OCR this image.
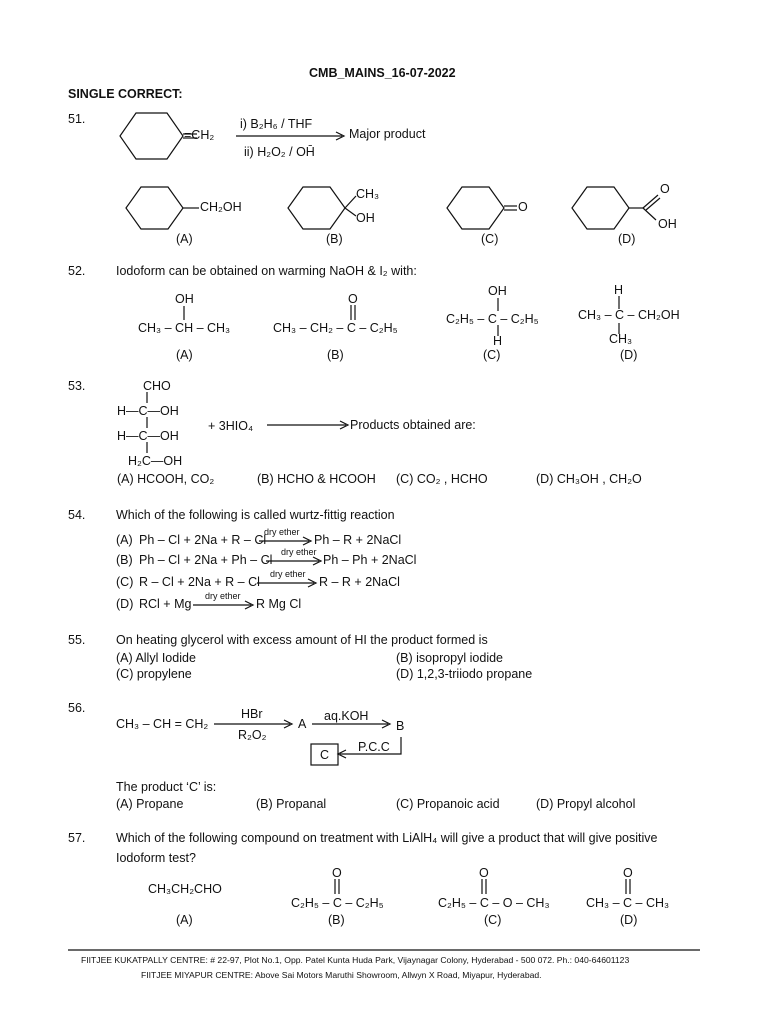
CMB_MAINS_16-07-2022
SINGLE CORRECT:
51.
=CH₂
i) B₂H₆ / THF
ii) H₂O₂ / OH̄
Major product
CH₂OH
CH₃
OH
O
O
OH
(A)	(B)	(C)	(D)
52. Iodoform can be obtained on warming NaOH & I₂ with:
OH
CH₃ – CH – CH₃
O
CH₃ – CH₂ – C – C₂H₅
OH
C₂H₅ – C – C₂H₅
H
H
CH₃ – C – CH₂OH
CH₃
(A)	(B)	(C)	(D)
53.	CHO
H—C—OH
H—C—OH
H₂C—OH
+ 3HIO₄	Products obtained are:
(A) HCOOH, CO₂	(B) HCHO & HCOOH (C) CO₂ , HCHO	(D) CH₃OH , CH₂O
54. Which of the following is called wurtz-fittig reaction
(A) Ph – Cl + 2Na + R – Cl
dry ether
Ph – R + 2NaCl
(B) Ph – Cl + 2Na + Ph – Cl
dry ether
Ph – Ph + 2NaCl
(C) R – Cl + 2Na + R – Cl
dry ether
R – R + 2NaCl
(D) RCl + Mg
dry ether
R Mg Cl
55. On heating glycerol with excess amount of HI the product formed is
(A) Allyl Iodide	(B) isopropyl iodide
(C) propylene	(D) 1,2,3-triiodo propane
56.
CH₃ – CH = CH₂
HBr
R₂O₂
A
aq.KOH
B
P.C.C
C
The product ‘C’ is:
(A) Propane	(B) Propanal	(C) Propanoic acid	(D) Propyl alcohol
57. Which of the following compound on treatment with LiAlH₄ will give a product that will give positive
Iodoform test?
CH₃CH₂CHO
O
C₂H₅ – C – C₂H₅
O
C₂H₅ – C – O – CH₃
O
CH₃ – C – CH₃
(A)	(B)	(C)	(D)
FIITJEE KUKATPALLY CENTRE: # 22-97, Plot No.1, Opp. Patel Kunta Huda Park, Vijaynagar Colony, Hyderabad - 500 072. Ph.: 040-64601123
FIITJEE MIYAPUR CENTRE: Above Sai Motors Maruthi Showroom, Allwyn X Road, Miyapur, Hyderabad.
